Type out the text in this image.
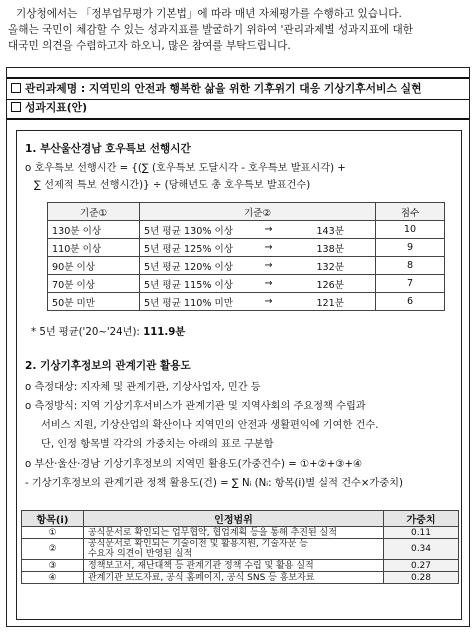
기상청에서는 「정부업무평가 기본법」에 따라 매년 자체평가를 수행하고 있습니다.

올해는 국민이 체감할 수 있는 성과지표를 발굴하기 위하여 '관리과제별 성과지표에 대한

대국민 의견을 수렴하고자 하오니, 많은 참여를 부탁드립니다.

관리과제명 : 지역민의 안전과 행복한 삶을 위한 기후위기 대응 기상기후서비스 실현
성과지표(안)
1. 부산울산경남 호우특보 선행시간
o 호우특보 선행시간 = {(∑ (호우특보 도달시각 - 호우특보 발표시각) +
∑ 선제적 특보 선행시간)} ÷ (당해년도 총 호우특보 발표건수)
기준①	기준②			점수
130분 이상	5년 평균 130% 이상	→	143분	10
110분 이상	5년 평균 125% 이상	→	138분	9
90분 이상	5년 평균 120% 이상	→	132분	8
70분 이상	5년 평균 115% 이상	→	126분	7
50분 미만	5년 평균 110% 미만	→	121분	6
* 5년 평균('20~'24년): 111.9분
2. 기상기후정보의 관계기관 활용도
o 측정대상: 지자체 및 관계기관, 기상사업자, 민간 등
o 측정방식: 지역 기상기후서비스가 관계기관 및 지역사회의 주요정책 수립과
서비스 지원, 기상산업의 확산이나 지역민의 안전과 생활편익에 기여한 건수.
단, 인정 항목별 각각의 가중치는 아래의 표로 구분함
o 부산·울산·경남 기상기후정보의 지역민 활용도(가중건수) = ①+②+③+④
- 기상기후정보의 관계기관 정책 활용도(건) = ∑ Nᵢ (Nᵢ: 항목(i)별 실적 건수×가중치)
항목(i)	인정범위	가중치
①	공식문서로 확인되는 업무협약, 협업계획 등을 통해 추진된 실적	0.11
②	공식문서로 확인되는 기술이전 및 활용지원, 기술자문 등
수요자 의견이 반영된 실적	0.34
③	정책보고서, 재난대책 등 관계기관 정책 수립 및 활용 실적	0.27
④	관계기관 보도자료, 공식 홈페이지, 공식 SNS 등 홍보자료	0.28
